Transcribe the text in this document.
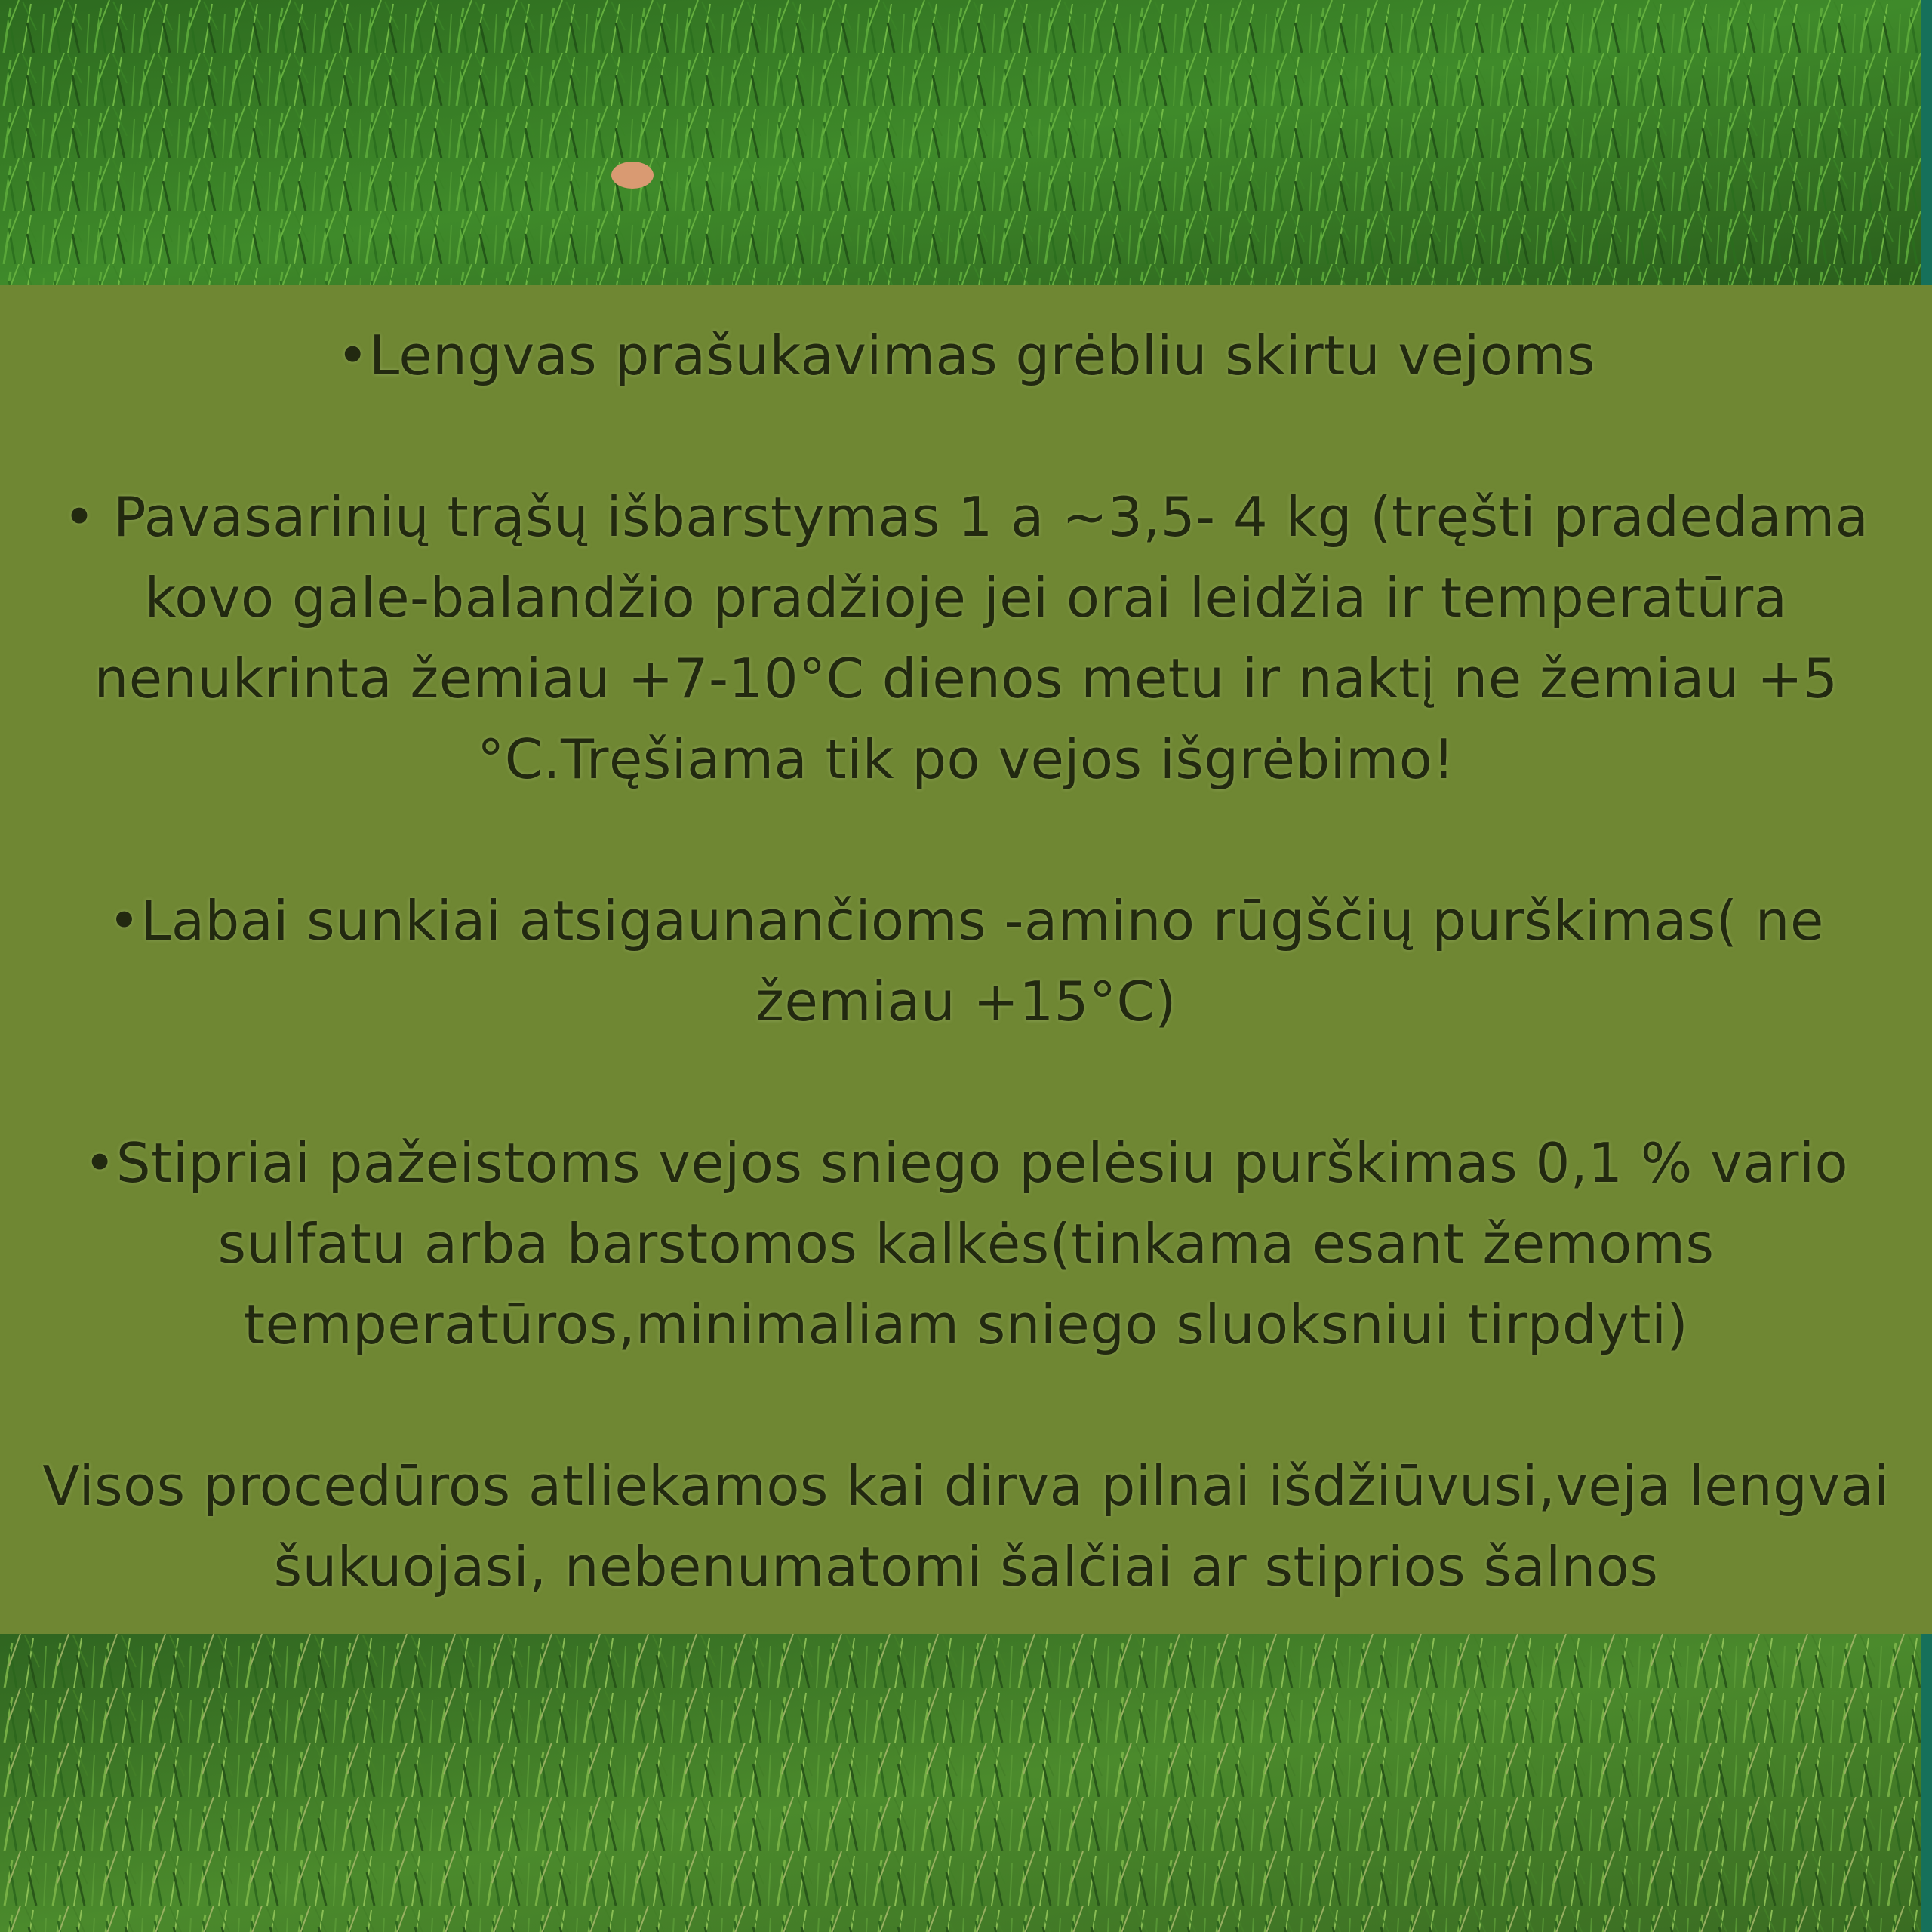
•Lengvas prašukavimas grėbliu skirtu vejoms

• Pavasarinių trąšų išbarstymas 1 a ~3,5- 4 kg (tręšti pradedama kovo gale-balandžio pradžioje jei orai leidžia ir temperatūra nenukrinta žemiau +7-10°C dienos metu ir naktį ne žemiau +5 °C.Tręšiama tik po vejos išgrėbimo!

•Labai sunkiai atsigaunančioms -amino rūgščių purškimas( ne žemiau +15°C)

•Stipriai pažeistoms vejos sniego pelėsiu purškimas 0,1 % vario sulfatu arba barstomos kalkės(tinkama esant žemoms temperatūros,minimaliam sniego sluoksniui tirpdyti)

Visos procedūros atliekamos kai dirva pilnai išdžiūvusi,veja lengvai šukuojasi, nebenumatomi šalčiai ar stiprios šalnos
